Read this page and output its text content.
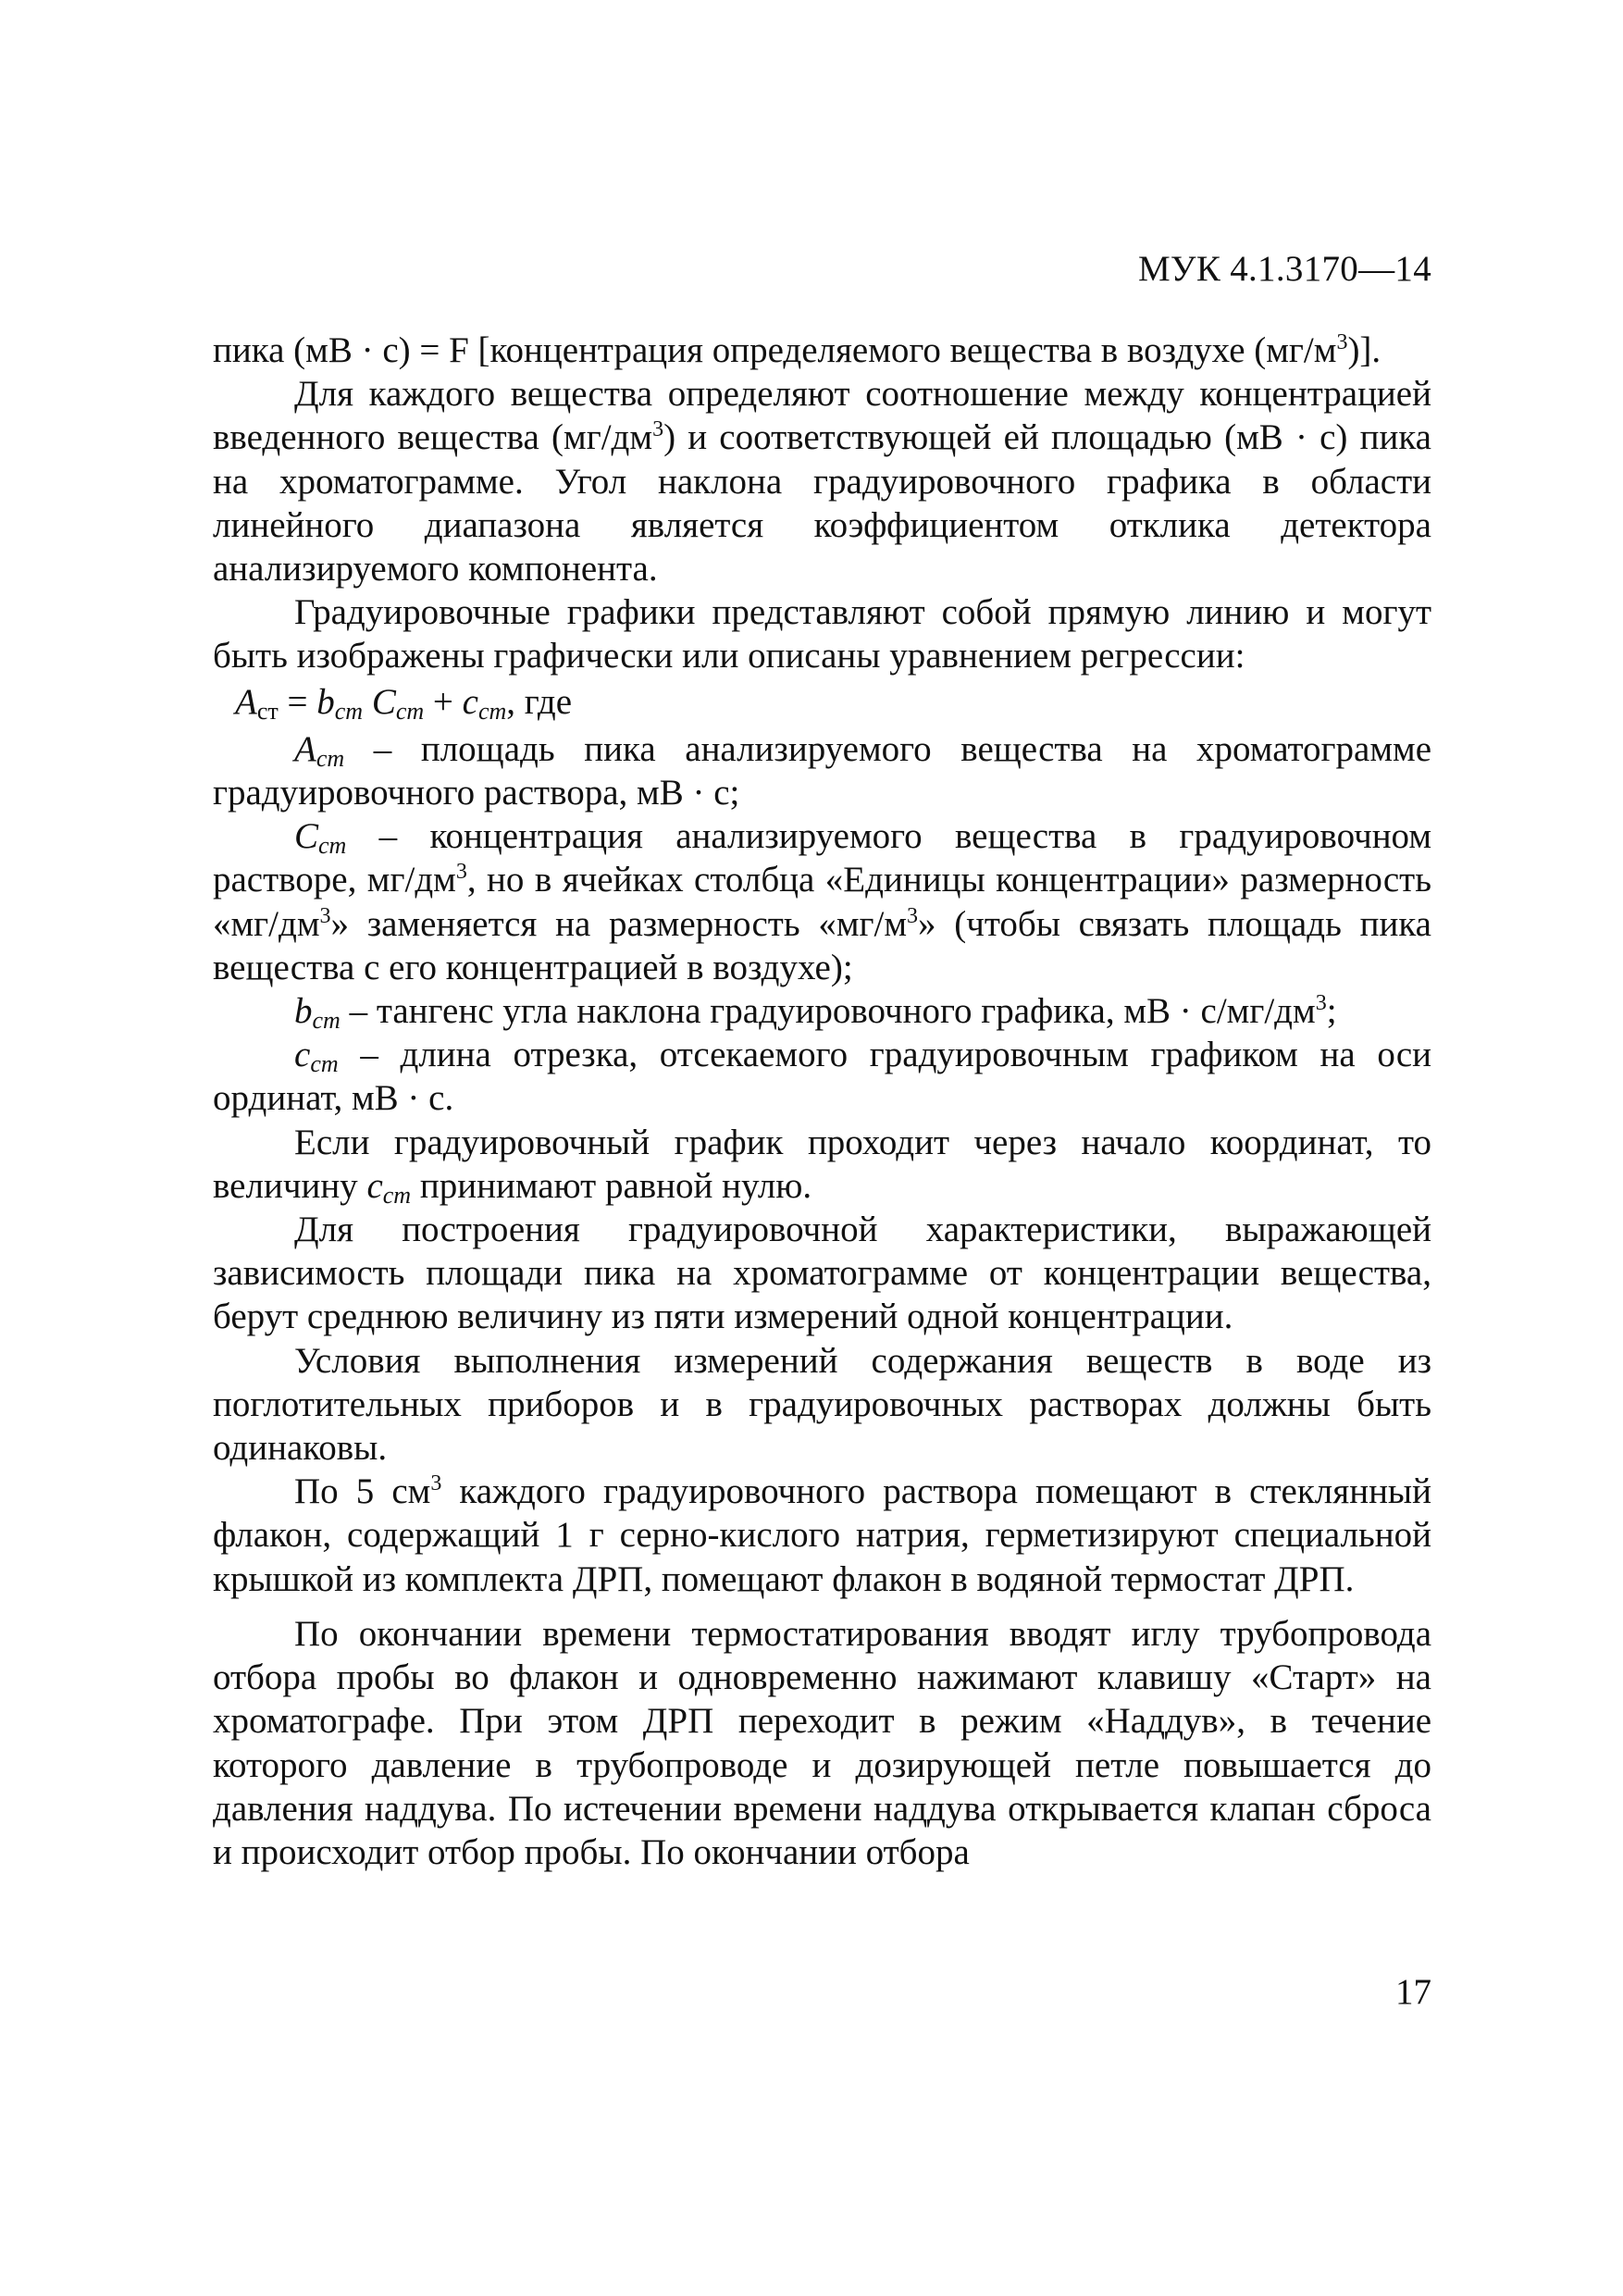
МУК 4.1.3170—14

пика (мВ · с) = F [концентрация определяемого вещества в воздухе $(мг/м^3)$].

Для каждого вещества определяют соотношение между концентрацией введенного вещества $(мг/дм^3)$ и соответствующей ей площадью (мВ · с) пика на хроматограмме. Угол наклона градуировочного графика в области линейного диапазона является коэффициентом отклика детектора анализируемого компонента.

Градуировочные графики представляют собой прямую линию и могут быть изображены графически или описаны уравнением регрессии:

$A_{ст} = b_{cm}$ $C_{cm} + c_{cm}$, где

$A_{cm}$ – площадь пика анализируемого вещества на хроматограмме градуировочного раствора, мВ · с;

$C_{cm}$ – концентрация анализируемого вещества в градуировочном растворе, $мг/дм^3$, но в ячейках столбца «Единицы концентрации» размерность «$мг/дм^3$» заменяется на размерность «$мг/м^3$» (чтобы связать площадь пика вещества с его концентрацией в воздухе);

$b_{cm}$ – тангенс угла наклона градуировочного графика, мВ · $с/мг/дм^3$;

$c_{cm}$ – длина отрезка, отсекаемого градуировочным графиком на оси ординат, мВ · с.

Если градуировочный график проходит через начало координат, то величину $c_{cm}$ принимают равной нулю.

Для построения градуировочной характеристики, выражающей зависимость площади пика на хроматограмме от концентрации вещества, берут среднюю величину из пяти измерений одной концентрации.

Условия выполнения измерений содержания веществ в воде из поглотительных приборов и в градуировочных растворах должны быть одинаковы.

По 5 $см^3$ каждого градуировочного раствора помещают в стеклянный флакон, содержащий 1 г серно-кислого натрия, герметизируют специальной крышкой из комплекта ДРП, помещают флакон в водяной термостат ДРП.

По окончании времени термостатирования вводят иглу трубопровода отбора пробы во флакон и одновременно нажимают клавишу «Старт» на хроматографе. При этом ДРП переходит в режим «Наддув», в течение которого давление в трубопроводе и дозирующей петле повышается до давления наддува. По истечении времени наддува открывается клапан сброса и происходит отбор пробы. По окончании отбора

17
